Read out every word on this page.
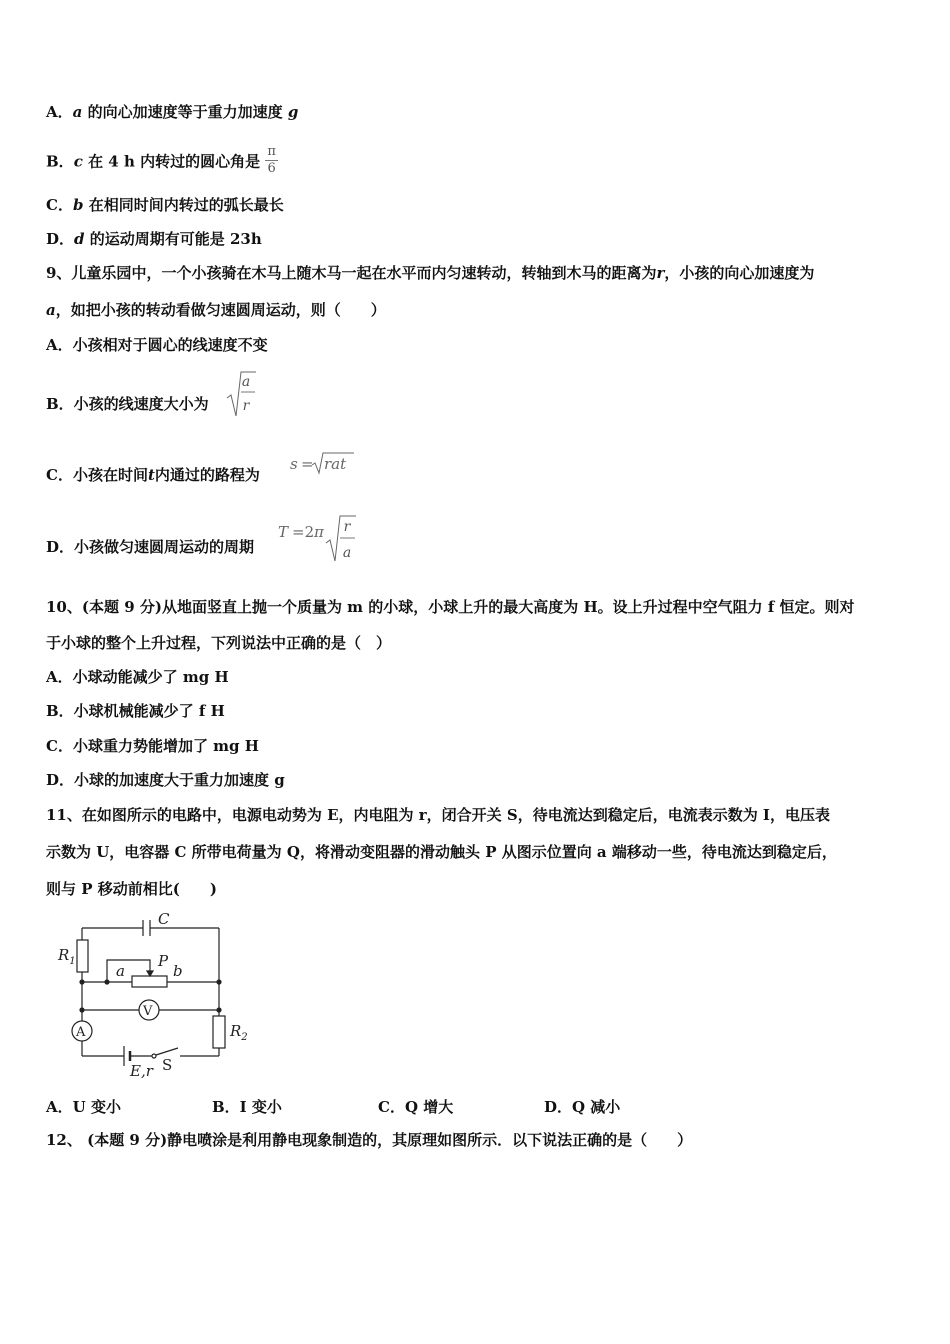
A．a 的向心加速度等于重力加速度 g
B．c 在 4 h 内转过的圆心角是 $\frac{\pi}{6}$
C．b 在相同时间内转过的弧长最长
D．d 的运动周期有可能是 23h
9、儿童乐园中，一个小孩骑在木马上随木马一起在水平而内匀速转动，转轴到木马的距离为r，小孩的向心加速度为
a，如把小孩的转动看做匀速圆周运动，则（　　）
A．小孩相对于圆心的线速度不变
B．小孩的线速度大小为
a
r
C．小孩在时间t内通过的路程为
s = rat
D．小孩做匀速圆周运动的周期
T =2 π r
a
10、(本题 9 分)从地面竖直上抛一个质量为 m 的小球，小球上升的最大高度为 H。设上升过程中空气阻力 f 恒定。则对
于小球的整个上升过程，下列说法中正确的是（　）
A．小球动能减少了 mg H
B．小球机械能减少了 f H
C．小球重力势能增加了 mg H
D．小球的加速度大于重力加速度 g
11、在如图所示的电路中，电源电动势为 E，内电阻为 r，闭合开关 S，待电流达到稳定后，电流表示数为 I，电压表
示数为 U，电容器 C 所带电荷量为 Q，将滑动变阻器的滑动触头 P 从图示位置向 a 端移动一些，待电流达到稳定后，
则与 P 移动前相比(　　)
C
$R_1$
a
P
b
V
A	$R_2$
E,r S
A．U 变小	B．I 变小	C．Q 增大	D．Q 减小
12、 (本题 9 分)静电喷涂是利用静电现象制造的，其原理如图所示．以下说法正确的是（　　）
